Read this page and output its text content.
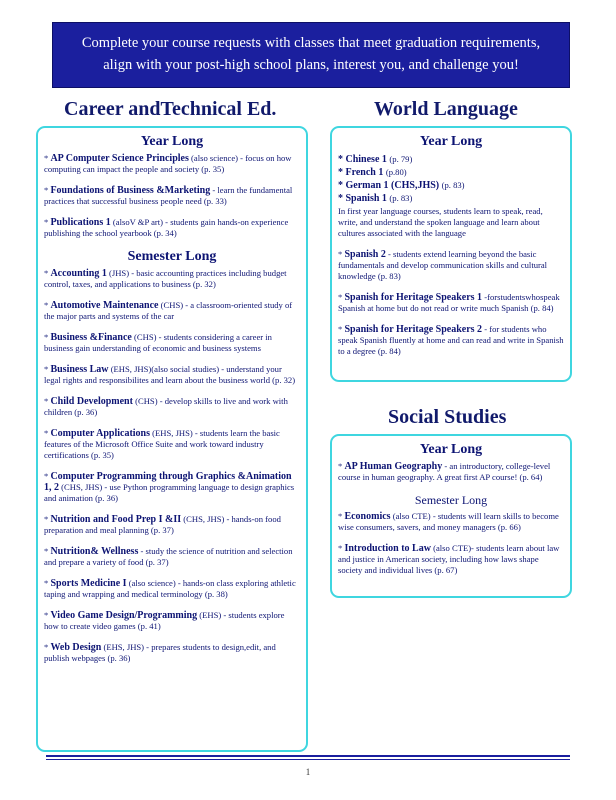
Complete your course requests with classes that meet graduation requirements,
align with your post-high school plans, interest you, and challenge you!
Career andTechnical Ed.
Year Long
* AP Computer Science Principles (also science) - focus on how computing can impact the people and society (p. 35)
* Foundations of Business &Marketing - learn the fundamental practices that successful business people need (p. 33)
* Publications 1 (alsoV &P art) - students gain hands-on experience publishing the school yearbook (p. 34)
Semester Long
* Accounting 1 (JHS) - basic accounting practices including budget control, taxes, and applications to business (p. 32)
* Automotive Maintenance (CHS) - a classroom-oriented study of the major parts and systems of the car
* Business &Finance (CHS) - students considering a career in business gain understanding of economic and business systems
* Business Law (EHS, JHS)(also social studies) - understand your legal rights and responsibilites and learn about the business world (p. 32)
* Child Development (CHS) - develop skills to live and work with children (p. 36)
* Computer Applications (EHS, JHS) - students learn the basic features of the Microsoft Office Suite and work toward industry certifications (p. 35)
* Computer Programming through Graphics &Animation 1, 2 (CHS, JHS) - use Python programming language to design graphics and animation (p. 36)
* Nutrition and Food Prep I &II (CHS, JHS) - hands-on food preparation and meal planning (p. 37)
* Nutrition& Wellness - study the science of nutrition and selection and prepare a variety of food (p. 37)
* Sports Medicine I (also science) - hands-on class exploring athletic taping and wrapping and medical terminology (p. 38)
* Video Game Design/Programming (EHS) - students explore how to create video games (p. 41)
* Web Design (EHS, JHS) - prepares students to design,edit, and publish webpages (p. 36)
World Language
Year Long
* Chinese 1 (p. 79)
* French 1 (p.80)
* German 1 (CHS,JHS) (p. 83)
* Spanish 1 (p. 83)
In first year language courses, students learn to speak, read, write, and understand the spoken language and learn about cultures associated with the language
* Spanish 2 - students extend learning beyond the basic fundamentals and develop communication skills and cultural knowledge (p. 83)
* Spanish for Heritage Speakers 1 -forstudentswhospeak Spanish at home but do not read or write much Spanish (p. 84)
* Spanish for Heritage Speakers 2 - for students who speak Spanish fluently at home and can read and write in Spanish to a degree (p. 84)
Social Studies
Year Long
* AP Human Geography - an introductory, college-level course in human geography. A great first AP course! (p. 64)
Semester Long
* Economics (also CTE) - students will learn skills to become wise consumers, savers, and money managers (p. 66)
* Introduction to Law (also CTE)- students learn about law and justice in American society, including how laws shape society and individual lives (p. 67)
1
